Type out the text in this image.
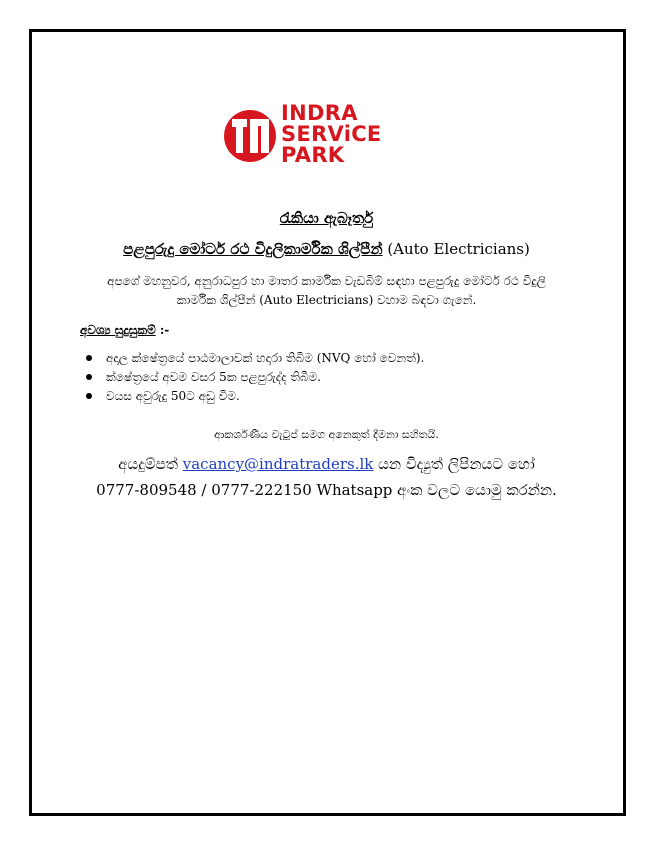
INDRA
SERViCE
PARK
රැකියා ඇබෑර්තු
පළපුරුදු මෝටර් රථ විදුලිකාර්මික ශිල්පීන් (Auto Electricians)
අපගේ මහනුවර, අනුරාධපුර හා මාතර කාර්මික වැඩබිම් සඳහා පළපුරුදු මෝටර් රථ විදුලි
කාර්මික ශිල්පීන් (Auto Electricians) වහාම බඳවා ගැනේ.
අවශ්‍ය සුදුසුකම් :-
අදාල ක්ෂේත්‍රයේ පාඨමාලාවක් හදාරා තිබීම (NVQ හෝ වෙනත්).
ක්ෂේත්‍රයේ අවම වසර 5ක පළපුරුද්ද තිබීම.
වයස අවුරුදු 50ට අඩු වීම.
ආකර්ශණීය වැටුප් සමග අනෙකුත් දීමනා සහිතයි.
අයදුම්පත් vacancy@indratraders.lk යන විද්‍යුත් ලිපිනයට හෝ
0777-809548 / 0777-222150 Whatsapp අංක වලට යොමු කරන්න.
